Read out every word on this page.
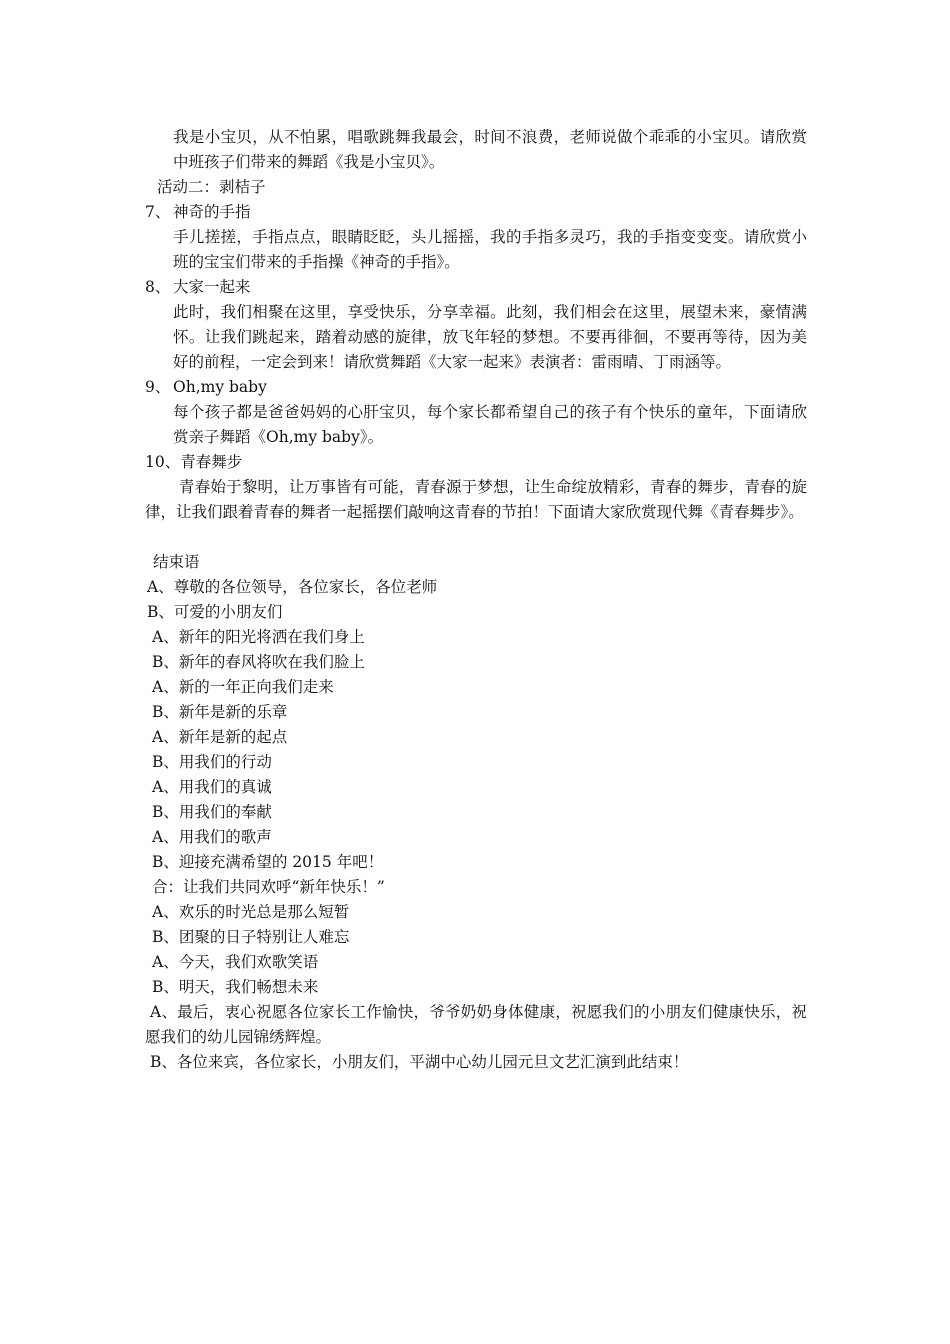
我是小宝贝，从不怕累，唱歌跳舞我最会，时间不浪费，老师说做个乖乖的小宝贝。请欣赏中班孩子们带来的舞蹈《我是小宝贝》。
活动二：剥桔子
7、 神奇的手指
手儿搓搓，手指点点，眼睛眨眨，头儿摇摇，我的手指多灵巧，我的手指变变变。请欣赏小班的宝宝们带来的手指操《神奇的手指》。
8、 大家一起来
此时，我们相聚在这里，享受快乐，分享幸福。此刻，我们相会在这里，展望未来，豪情满怀。让我们跳起来，踏着动感的旋律，放飞年轻的梦想。不要再徘徊，不要再等待，因为美好的前程，一定会到来！请欣赏舞蹈《大家一起来》表演者：雷雨晴、丁雨涵等。
9、 Oh,my baby
每个孩子都是爸爸妈妈的心肝宝贝，每个家长都希望自己的孩子有个快乐的童年，下面请欣赏亲子舞蹈《Oh,my baby》。
10、青春舞步
青春始于黎明，让万事皆有可能，青春源于梦想，让生命绽放精彩，青春的舞步，青春的旋律，让我们跟着青春的舞者一起摇摆们敲响这青春的节拍！下面请大家欣赏现代舞《青春舞步》。
结束语
A、尊敬的各位领导，各位家长，各位老师
B、可爱的小朋友们
A、新年的阳光将洒在我们身上
B、新年的春风将吹在我们脸上
A、新的一年正向我们走来
B、新年是新的乐章
A、新年是新的起点
B、用我们的行动
A、用我们的真诚
B、用我们的奉献
A、用我们的歌声
B、迎接充满希望的 2015 年吧！
合：让我们共同欢呼“新年快乐！”
A、欢乐的时光总是那么短暂
B、团聚的日子特别让人难忘
A、今天，我们欢歌笑语
B、明天，我们畅想未来
A、最后，衷心祝愿各位家长工作愉快，爷爷奶奶身体健康，祝愿我们的小朋友们健康快乐，祝愿我们的幼儿园锦绣辉煌。
B、各位来宾，各位家长，小朋友们，平湖中心幼儿园元旦文艺汇演到此结束！
